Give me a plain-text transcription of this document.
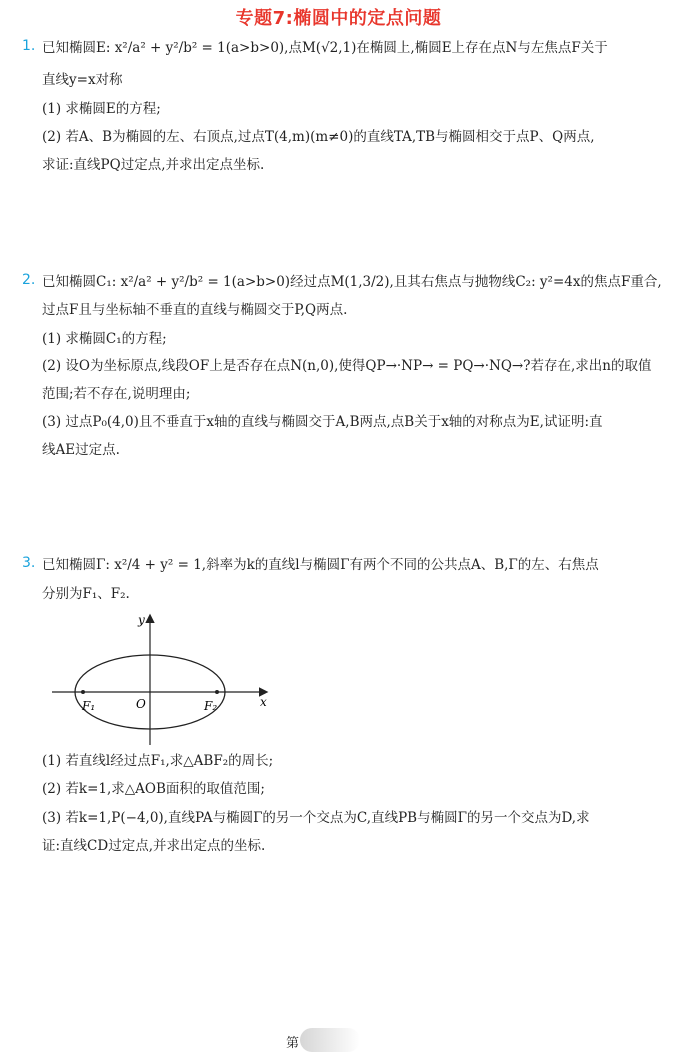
专题7:椭圆中的定点问题
1. 已知椭圆E: x²/a² + y²/b² = 1(a>b>0),点M(√2,1)在椭圆上,椭圆E上存在点N与左焦点F关于
直线y=x对称
(1) 求椭圆E的方程;
(2) 若A、B为椭圆的左、右顶点,过点T(4,m)(m≠0)的直线TA,TB与椭圆相交于点P、Q两点,
求证:直线PQ过定点,并求出定点坐标.
2. 已知椭圆C₁: x²/a² + y²/b² = 1(a>b>0)经过点M(1,3/2),且其右焦点与抛物线C₂: y²=4x的焦点F重合,
过点F且与坐标轴不垂直的直线与椭圆交于P,Q两点.
(1) 求椭圆C₁的方程;
(2) 设O为坐标原点,线段OF上是否存在点N(n,0),使得QP→·NP→ = PQ→·NQ→?若存在,求出n的取值
范围;若不存在,说明理由;
(3) 过点P₀(4,0)且不垂直于x轴的直线与椭圆交于A,B两点,点B关于x轴的对称点为E,试证明:直
线AE过定点.
3. 已知椭圆Γ: x²/4 + y² = 1,斜率为k的直线l与椭圆Γ有两个不同的公共点A、B,Γ的左、右焦点
分别为F₁、F₂.
y
x
O
F₁	F₂
(1) 若直线l经过点F₁,求△ABF₂的周长;
(2) 若k=1,求△AOB面积的取值范围;
(3) 若k=1,P(−4,0),直线PA与椭圆Γ的另一个交点为C,直线PB与椭圆Γ的另一个交点为D,求
证:直线CD过定点,并求出定点的坐标.
第
